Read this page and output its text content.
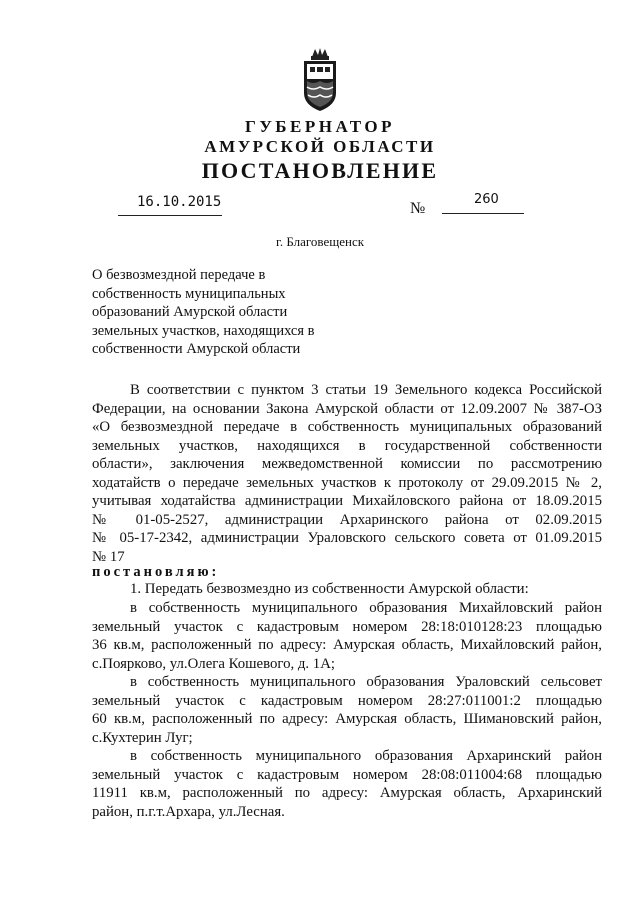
ГУБЕРНАТОР
АМУРСКОЙ ОБЛАСТИ
ПОСТАНОВЛЕНИЕ
16.10.2015	№
260
г. Благовещенск
О безвозмездной передаче в
собственность муниципальных
образований Амурской области
земельных участков, находящихся в
собственности Амурской области
В соответствии с пунктом 3 статьи 19 Земельного кодекса Российской
Федерации, на основании Закона Амурской области от 12.09.2007 № 387-ОЗ
«О безвозмездной передаче в собственность муниципальных образований
земельных участков, находящихся в государственной собственности
области», заключения межведомственной комиссии по рассмотрению
ходатайств о передаче земельных участков к протоколу от 29.09.2015 № 2,
учитывая ходатайства администрации Михайловского района от 18.09.2015
№ 01-05-2527, администрации Архаринского района от 02.09.2015
№ 05-17-2342, администрации Ураловского сельского совета от 01.09.2015
№ 17
постановляю:
1. Передать безвозмездно из собственности Амурской области:
в собственность муниципального образования Михайловский район
земельный участок с кадастровым номером 28:18:010128:23 площадью
36 кв.м, расположенный по адресу: Амурская область, Михайловский район,
с.Поярково, ул.Олега Кошевого, д. 1А;
в собственность муниципального образования Ураловский сельсовет
земельный участок с кадастровым номером 28:27:011001:2 площадью
60 кв.м, расположенный по адресу: Амурская область, Шимановский район,
с.Кухтерин Луг;
в собственность муниципального образования Архаринский район
земельный участок с кадастровым номером 28:08:011004:68 площадью
11911 кв.м, расположенный по адресу: Амурская область, Архаринский
район, п.г.т.Архара, ул.Лесная.
